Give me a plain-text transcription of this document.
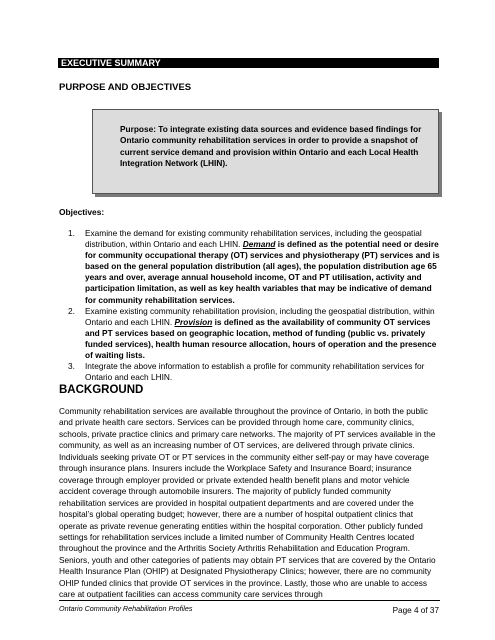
EXECUTIVE SUMMARY
PURPOSE AND OBJECTIVES
Purpose: To integrate existing data sources and evidence based findings for Ontario community rehabilitation services in order to provide a snapshot of current service demand and provision within Ontario and each Local Health Integration Network (LHIN).
Objectives:
1.	Examine the demand for existing community rehabilitation services, including the geospatial distribution, within Ontario and each LHIN. Demand is defined as the potential need or desire for community occupational therapy (OT) services and physiotherapy (PT) services and is based on the general population distribution (all ages), the population distribution age 65 years and over, average annual household income, OT and PT utilisation, activity and participation limitation, as well as key health variables that may be indicative of demand for community rehabilitation services.
2.	Examine existing community rehabilitation provision, including the geospatial distribution, within Ontario and each LHIN. Provision is defined as the availability of community OT services and PT services based on geographic location, method of funding (public vs. privately funded services), health human resource allocation, hours of operation and the presence of waiting lists.
3.	Integrate the above information to establish a profile for community rehabilitation services for Ontario and each LHIN.
BACKGROUND
Community rehabilitation services are available throughout the province of Ontario, in both the public and private health care sectors. Services can be provided through home care, community clinics, schools, private practice clinics and primary care networks. The majority of PT services available in the community, as well as an increasing number of OT services, are delivered through private clinics. Individuals seeking private OT or PT services in the community either self-pay or may have coverage through insurance plans. Insurers include the Workplace Safety and Insurance Board; insurance coverage through employer provided or private extended health benefit plans and motor vehicle accident coverage through automobile insurers. The majority of publicly funded community rehabilitation services are provided in hospital outpatient departments and are covered under the hospital’s global operating budget; however, there are a number of hospital outpatient clinics that operate as private revenue generating entities within the hospital corporation. Other publicly funded settings for rehabilitation services include a limited number of Community Health Centres located throughout the province and the Arthritis Society Arthritis Rehabilitation and Education Program. Seniors, youth and other categories of patients may obtain PT services that are covered by the Ontario Health Insurance Plan (OHIP) at Designated Physiotherapy Clinics; however, there are no community OHIP funded clinics that provide OT services in the province. Lastly, those who are unable to access care at outpatient facilities can access community care services through
Ontario Community Rehabilitation Profiles	Page 4 of 37
